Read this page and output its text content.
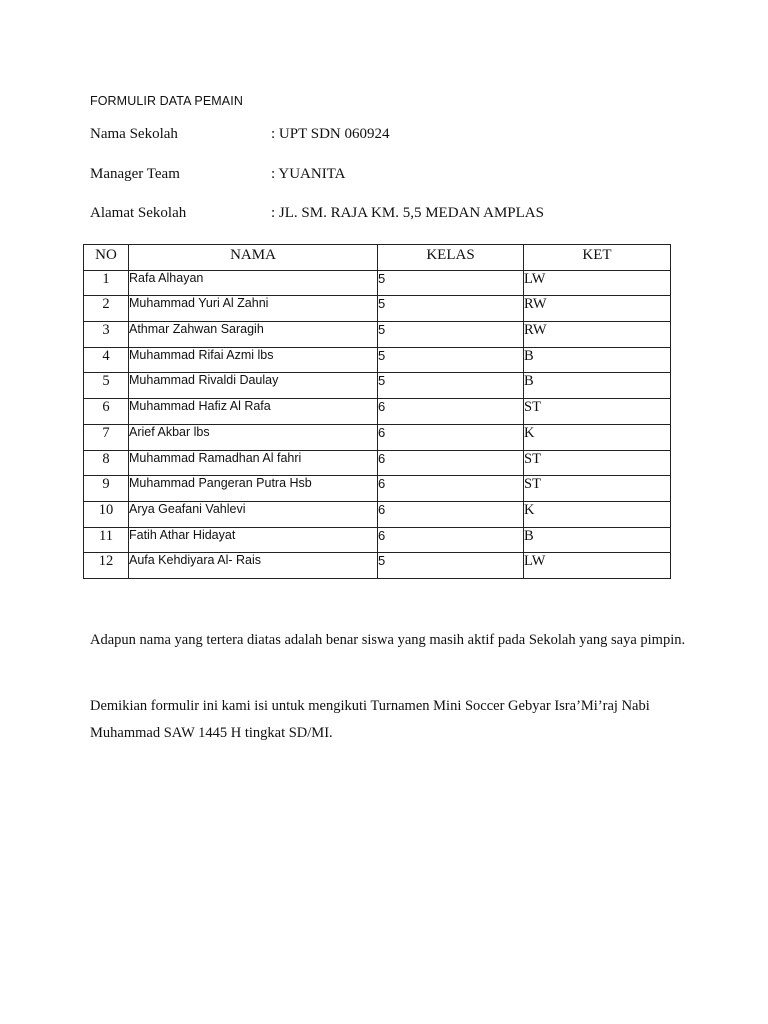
FORMULIR DATA PEMAIN
Nama Sekolah	: UPT SDN 060924
Manager Team	: YUANITA
Alamat Sekolah	: JL. SM. RAJA KM. 5,5 MEDAN AMPLAS
NO	NAMA	KELAS	KET
1	Rafa Alhayan	5	LW
2	Muhammad Yuri Al Zahni	5	RW
3	Athmar Zahwan Saragih	5	RW
4	Muhammad Rifai Azmi lbs	5	B
5	Muhammad Rivaldi Daulay	5	B
6	Muhammad Hafiz Al Rafa	6	ST
7	Arief Akbar lbs	6	K
8	Muhammad Ramadhan Al fahri	6	ST
9	Muhammad Pangeran Putra Hsb	6	ST
10	Arya Geafani Vahlevi	6	K
11	Fatih Athar Hidayat	6	B
12	Aufa Kehdiyara Al- Rais	5	LW
Adapun nama yang tertera diatas adalah benar siswa yang masih aktif pada Sekolah yang saya pimpin.
Demikian formulir ini kami isi untuk mengikuti Turnamen Mini Soccer Gebyar Isra’Mi’raj Nabi Muhammad SAW 1445 H tingkat SD/MI.
